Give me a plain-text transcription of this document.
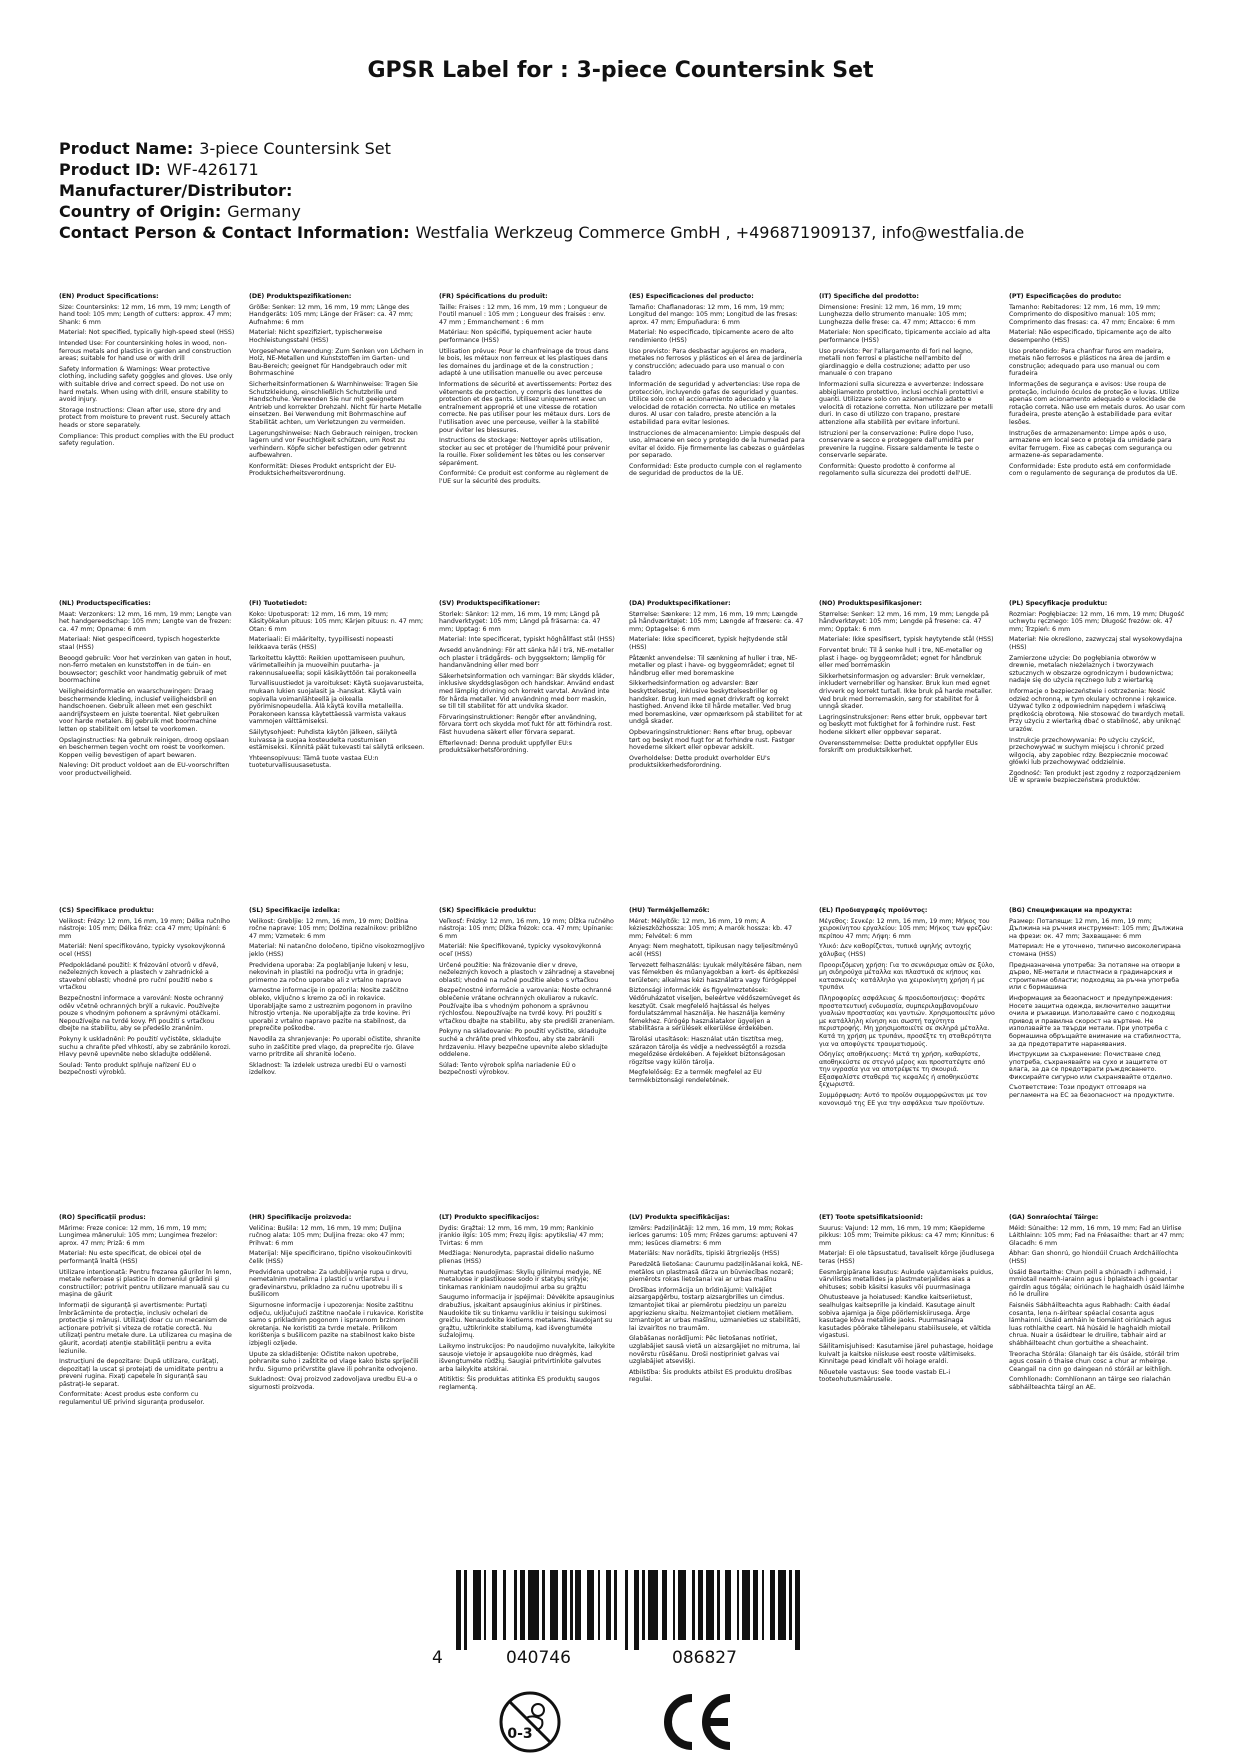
GPSR Label for : 3-piece Countersink Set
Product Name: 3-piece Countersink Set
Product ID: WF-426171
Manufacturer/Distributor:
Country of Origin: Germany
Contact Person & Contact Information: Westfalia Werkzeug Commerce GmbH , +496871909137, info@westfalia.de
(EN) Product Specifications:
Size: Countersinks: 12 mm, 16 mm, 19 mm; Length of hand tool: 105 mm; Length of cutters: approx. 47 mm; Shank: 6 mm
Material: Not specified, typically high-speed steel (HSS)
Intended Use: For countersinking holes in wood, non-ferrous metals and plastics in garden and construction areas; suitable for hand use or with drill
Safety Information & Warnings: Wear protective clothing, including safety goggles and gloves. Use only with suitable drive and correct speed. Do not use on hard metals. When using with drill, ensure stability to avoid injury.
Storage Instructions: Clean after use, store dry and protect from moisture to prevent rust. Securely attach heads or store separately.
Compliance: This product complies with the EU product safety regulation.
(DE) Produktspezifikationen:
Größe: Senker: 12 mm, 16 mm, 19 mm; Länge des Handgeräts: 105 mm; Länge der Fräser: ca. 47 mm; Aufnahme: 6 mm
Material: Nicht spezifiziert, typischerweise Hochleistungsstahl (HSS)
Vorgesehene Verwendung: Zum Senken von Löchern in Holz, NE-Metallen und Kunststoffen im Garten- und Bau-Bereich; geeignet für Handgebrauch oder mit Bohrmaschine
Sicherheitsinformationen & Warnhinweise: Tragen Sie Schutzkleidung, einschließlich Schutzbrille und Handschuhe. Verwenden Sie nur mit geeignetem Antrieb und korrekter Drehzahl. Nicht für harte Metalle einsetzen. Bei Verwendung mit Bohrmaschine auf Stabilität achten, um Verletzungen zu vermeiden.
Lagerungshinweise: Nach Gebrauch reinigen, trocken lagern und vor Feuchtigkeit schützen, um Rost zu verhindern. Köpfe sicher befestigen oder getrennt aufbewahren.
Konformität: Dieses Produkt entspricht der EU-Produktsicherheitsverordnung.
(FR) Spécifications du produit:
Taille: Fraises : 12 mm, 16 mm, 19 mm ; Longueur de l'outil manuel : 105 mm ; Longueur des fraises : env. 47 mm ; Emmanchement : 6 mm
Matériau: Non spécifié, typiquement acier haute performance (HSS)
Utilisation prévue: Pour le chanfreinage de trous dans le bois, les métaux non ferreux et les plastiques dans les domaines du jardinage et de la construction ; adapté à une utilisation manuelle ou avec perceuse
Informations de sécurité et avertissements: Portez des vêtements de protection, y compris des lunettes de protection et des gants. Utilisez uniquement avec un entraînement approprié et une vitesse de rotation correcte. Ne pas utiliser pour les métaux durs. Lors de l'utilisation avec une perceuse, veiller à la stabilité pour éviter les blessures.
Instructions de stockage: Nettoyer après utilisation, stocker au sec et protéger de l'humidité pour prévenir la rouille. Fixer solidement les têtes ou les conserver séparément.
Conformité: Ce produit est conforme au règlement de l'UE sur la sécurité des produits.
(ES) Especificaciones del producto:
Tamaño: Chaflanadoras: 12 mm, 16 mm, 19 mm; Longitud del mango: 105 mm; Longitud de las fresas: aprox. 47 mm; Empuñadura: 6 mm
Material: No especificado, típicamente acero de alto rendimiento (HSS)
Uso previsto: Para desbastar agujeros en madera, metales no ferrosos y plásticos en el área de jardinería y construcción; adecuado para uso manual o con taladro
Información de seguridad y advertencias: Use ropa de protección, incluyendo gafas de seguridad y guantes. Utilice solo con el accionamiento adecuado y la velocidad de rotación correcta. No utilice en metales duros. Al usar con taladro, preste atención a la estabilidad para evitar lesiones.
Instrucciones de almacenamiento: Limpie después del uso, almacene en seco y protegido de la humedad para evitar el óxido. Fije firmemente las cabezas o guárdelas por separado.
Conformidad: Este producto cumple con el reglamento de seguridad de productos de la UE.
(IT) Specifiche del prodotto:
Dimensione: Fresini: 12 mm, 16 mm, 19 mm; Lunghezza dello strumento manuale: 105 mm; Lunghezza delle frese: ca. 47 mm; Attacco: 6 mm
Materiale: Non specificato, tipicamente acciaio ad alta performance (HSS)
Uso previsto: Per l'allargamento di fori nel legno, metalli non ferrosi e plastiche nell'ambito del giardinaggio e della costruzione; adatto per uso manuale o con trapano
Informazioni sulla sicurezza e avvertenze: Indossare abbigliamento protettivo, inclusi occhiali protettivi e guanti. Utilizzare solo con azionamento adatto e velocità di rotazione corretta. Non utilizzare per metalli duri. In caso di utilizzo con trapano, prestare attenzione alla stabilità per evitare infortuni.
Istruzioni per la conservazione: Pulire dopo l'uso, conservare a secco e proteggere dall'umidità per prevenire la ruggine. Fissare saldamente le teste o conservarle separate.
Conformità: Questo prodotto è conforme al regolamento sulla sicurezza dei prodotti dell'UE.
(PT) Especificações do produto:
Tamanho: Rebitadores: 12 mm, 16 mm, 19 mm; Comprimento do dispositivo manual: 105 mm; Comprimento das fresas: ca. 47 mm; Encaixe: 6 mm
Material: Não especificado, tipicamente aço de alto desempenho (HSS)
Uso pretendido: Para chanfrar furos em madeira, metais não ferrosos e plásticos na área de jardim e construção; adequado para uso manual ou com furadeira
Informações de segurança e avisos: Use roupa de proteção, incluindo óculos de proteção e luvas. Utilize apenas com acionamento adequado e velocidade de rotação correta. Não use em metais duros. Ao usar com furadeira, preste atenção à estabilidade para evitar lesões.
Instruções de armazenamento: Limpe após o uso, armazene em local seco e proteja da umidade para evitar ferrugem. Fixe as cabeças com segurança ou armazene-as separadamente.
Conformidade: Este produto está em conformidade com o regulamento de segurança de produtos da UE.
(NL) Productspecificaties:
Maat: Verzonkers: 12 mm, 16 mm, 19 mm; Lengte van het handgereedschap: 105 mm; Lengte van de frezen: ca. 47 mm; Opname: 6 mm
Materiaal: Niet gespecificeerd, typisch hogesterkte staal (HSS)
Beoogd gebruik: Voor het verzinken van gaten in hout, non-ferro metalen en kunststoffen in de tuin- en bouwsector; geschikt voor handmatig gebruik of met boormachine
Veiligheidsinformatie en waarschuwingen: Draag beschermende kleding, inclusief veiligheidsbril en handschoenen. Gebruik alleen met een geschikt aandrijfsysteem en juiste toerental. Niet gebruiken voor harde metalen. Bij gebruik met boormachine letten op stabiliteit om letsel te voorkomen.
Opslaginstructies: Na gebruik reinigen, droog opslaan en beschermen tegen vocht om roest te voorkomen. Koppen veilig bevestigen of apart bewaren.
Naleving: Dit product voldoet aan de EU-voorschriften voor productveiligheid.
(FI) Tuotetiedot:
Koko: Upotusporat: 12 mm, 16 mm, 19 mm; Käsityökalun pituus: 105 mm; Kärjen pituus: n. 47 mm; Otan: 6 mm
Materiaali: Ei määritelty, tyypillisesti nopeasti leikkaava teräs (HSS)
Tarkoitettu käyttö: Reikien upottamiseen puuhun, värimetalleihin ja muoveihin puutarha- ja rakennusalueella; sopii käsikäyttöön tai porakoneella
Turvallisuustiedot ja varoitukset: Käytä suojavarusteita, mukaan lukien suojalasit ja -hanskat. Käytä vain sopivalla voimanlähteellä ja oikealla pyörimisnopeudella. Älä käytä kovilla metalleilla. Porakoneen kanssa käytettäessä varmista vakaus vammojen välttämiseksi.
Säilytysohjeet: Puhdista käytön jälkeen, säilytä kuivassa ja suojaa kosteudelta ruostumisen estämiseksi. Kiinnitä päät tukevasti tai säilytä erikseen.
Yhteensopivuus: Tämä tuote vastaa EU:n tuoteturvallisuusasetusta.
(SV) Produktspecifikationer:
Storlek: Sänkor: 12 mm, 16 mm, 19 mm; Längd på handverktyget: 105 mm; Längd på fräsarna: ca. 47 mm; Upptag: 6 mm
Material: Inte specificerat, typiskt höghållfast stål (HSS)
Avsedd användning: För att sänka hål i trä, NE-metaller och plaster i trädgårds- och byggsektorn; lämplig för handanvändning eller med borr
Säkerhetsinformation och varningar: Bär skydds kläder, inklusive skyddsglasögon och handskar. Använd endast med lämplig drivning och korrekt varvtal. Använd inte för hårda metaller. Vid användning med borr maskin, se till till stabilitet för att undvika skador.
Förvaringsinstruktioner: Rengör efter användning, förvara torrt och skydda mot fukt för att förhindra rost. Fäst huvudena säkert eller förvara separat.
Efterlevnad: Denna produkt uppfyller EU:s produktsäkerhetsförordning.
(DA) Produktspecifikationer:
Størrelse: Sænkere: 12 mm, 16 mm, 19 mm; Længde på håndværktøjet: 105 mm; Længde af fræsere: ca. 47 mm; Optagelse: 6 mm
Materiale: Ikke specificeret, typisk højtydende stål (HSS)
Påtænkt anvendelse: Til sænkning af huller i træ, NE-metaller og plast i have- og byggeområdet; egnet til håndbrug eller med boremaskine
Sikkerhedsinformation og advarsler: Bær beskyttelsestøj, inklusive beskyttelsesbriller og handsker. Brug kun med egnet drivkraft og korrekt hastighed. Anvend ikke til hårde metaller. Ved brug med boremaskine, vær opmærksom på stabilitet for at undgå skader.
Opbevaringsinstruktioner: Rens efter brug, opbevar tørt og beskyt mod fugt for at forhindre rust. Fastgør hovederne sikkert eller opbevar adskilt.
Overholdelse: Dette produkt overholder EU's produktsikkerhedsforordning.
(NO) Produktspesifikasjoner:
Størrelse: Senker: 12 mm, 16 mm, 19 mm; Lengde på håndverktøyet: 105 mm; Lengde på fresene: ca. 47 mm; Opptak: 6 mm
Materiale: Ikke spesifisert, typisk høytytende stål (HSS)
Forventet bruk: Til å senke hull i tre, NE-metaller og plast i hage- og byggeområdet; egnet for håndbruk eller med borremaskin
Sikkerhetsinformasjon og advarsler: Bruk verneklær, inkludert vernebriller og hansker. Bruk kun med egnet drivverk og korrekt turtall. Ikke bruk på harde metaller. Ved bruk med borremaskin, sørg for stabilitet for å unngå skader.
Lagringsinstruksjoner: Rens etter bruk, oppbevar tørt og beskytt mot fuktighet for å forhindre rust. Fest hodene sikkert eller oppbevar separat.
Overensstemmelse: Dette produktet oppfyller EUs forskrift om produktsikkerhet.
(PL) Specyfikacje produktu:
Rozmiar: Pogłębiacze: 12 mm, 16 mm, 19 mm; Długość uchwytu ręcznego: 105 mm; Długość frezów: ok. 47 mm; Trzpień: 6 mm
Materiał: Nie określono, zazwyczaj stal wysokowydajna (HSS)
Zamierzone użycie: Do pogłębiania otworów w drewnie, metalach nieżelaznych i tworzywach sztucznych w obszarze ogrodniczym i budownictwa; nadaje się do użycia ręcznego lub z wiertarką
Informacje o bezpieczeństwie i ostrzeżenia: Nosić odzież ochronną, w tym okulary ochronne i rękawice. Używać tylko z odpowiednim napędem i właściwą prędkością obrotową. Nie stosować do twardych metali. Przy użyciu z wiertarką dbać o stabilność, aby uniknąć urazów.
Instrukcje przechowywania: Po użyciu czyścić, przechowywać w suchym miejscu i chronić przed wilgocią, aby zapobiec rdzy. Bezpiecznie mocować główki lub przechowywać oddzielnie.
Zgodność: Ten produkt jest zgodny z rozporządzeniem UE w sprawie bezpieczeństwa produktów.
(CS) Specifikace produktu:
Velikost: Frézy: 12 mm, 16 mm, 19 mm; Délka ručního nástroje: 105 mm; Délka fréz: cca 47 mm; Upínání: 6 mm
Materiál: Není specifikováno, typicky vysokovýkonná ocel (HSS)
Předpokládané použití: K frézování otvorů v dřevě, neželezných kovech a plastech v zahradnické a stavební oblasti; vhodné pro ruční použití nebo s vrtačkou
Bezpečnostní informace a varování: Noste ochranný oděv včetně ochranných brýlí a rukavic. Používejte pouze s vhodným pohonem a správnými otáčkami. Nepoužívejte na tvrdé kovy. Při použití s vrtačkou dbejte na stabilitu, aby se předešlo zraněním.
Pokyny k uskladnění: Po použití vyčistěte, skladujte suchu a chraňte před vlhkostí, aby se zabránilo korozi. Hlavy pevně upevněte nebo skladujte odděleně.
Soulad: Tento produkt splňuje nařízení EU o bezpečnosti výrobků.
(SL) Specifikacije izdelka:
Velikost: Grebljie: 12 mm, 16 mm, 19 mm; Dolžina ročne naprave: 105 mm; Dolžina rezalnikov: približno 47 mm; Vzmetek: 6 mm
Material: Ni natančno določeno, tipično visokozmogljivo jeklo (HSS)
Predvidena uporaba: Za poglabljanje lukenj v lesu, nekovinah in plastiki na področju vrta in gradnje; primerno za ročno uporabo ali z vrtalno napravo
Varnostne informacije in opozorila: Nosite zaščitno obleko, vključno s kremo za oči in rokavice. Uporabljajte samo z ustreznim pogonom in pravilno hitrostjo vrtenja. Ne uporabljajte za trde kovine. Pri uporabi z vrtalno napravo pazite na stabilnost, da preprečite poškodbe.
Navodila za shranjevanje: Po uporabi očistite, shranite suho in zaščitite pred vlago, da preprečite rjo. Glave varno pritrdite ali shranite ločeno.
Skladnost: Ta izdelek ustreza uredbi EU o varnosti izdelkov.
(SK) Špecifikácie produktu:
Veľkosť: Frézky: 12 mm, 16 mm, 19 mm; Dĺžka ručného nástroja: 105 mm; Dĺžka frézok: cca. 47 mm; Upínanie: 6 mm
Materiál: Nie špecifikované, typicky vysokovýkonná oceľ (HSS)
Určené použitie: Na frézovanie dier v dreve, neželezných kovoch a plastoch v záhradnej a stavebnej oblasti; vhodné na ručné použitie alebo s vŕtačkou
Bezpečnostné informácie a varovania: Noste ochranné oblečenie vrátane ochranných okuliarov a rukavíc. Používajte iba s vhodným pohonom a správnou rýchlosťou. Nepoužívajte na tvrdé kovy. Pri použití s vŕtačkou dbajte na stabilitu, aby ste predišli zraneniam.
Pokyny na skladovanie: Po použití vyčistite, skladujte suché a chráňte pred vlhkosťou, aby ste zabránili hrdzaveniu. Hlavy bezpečne upevnite alebo skladujte oddelene.
Súlad: Tento výrobok spĺňa nariadenie EÚ o bezpečnosti výrobkov.
(HU) Termékjellemzők:
Méret: Mélyítők: 12 mm, 16 mm, 19 mm; A kézieszközhossza: 105 mm; A marók hossza: kb. 47 mm; Felvétel: 6 mm
Anyag: Nem meghatott, tipikusan nagy teljesítményű acél (HSS)
Tervezett felhasználás: Lyukak mélyítésére fában, nem vas fémekben és műanyagokban a kert- és építkezési területen; alkalmas kézi használatra vagy fúrógéppel
Biztonsági információk és figyelmeztetések: Védőruházatot viseljen, beleértve védőszemüveget és kesztyűt. Csak megfelelő hajtással és helyes fordulatszámmal használja. Ne használja kemény fémekhez. Fúrógép használatakor ügyeljen a stabilitásra a sérülések elkerülése érdekében.
Tárolási utasítások: Használat után tisztítsa meg, szárazon tárolja és védje a nedvességtől a rozsda megelőzése érdekében. A fejekket biztonságosan rögzítse vagy külön tárolja.
Megfelelőség: Ez a termék megfelel az EU termékbiztonsági rendeletének.
(EL) Προδιαγραφές προϊόντος:
Μέγεθος: Σενκέρ: 12 mm, 16 mm, 19 mm; Μήκος του χειροκίνητου εργαλείου: 105 mm; Μήκος των φρεζών: περίπου 47 mm; Λήψη: 6 mm
Υλικό: Δεν καθορίζεται, τυπικά υψηλής αντοχής χάλυβας (HSS)
Προοριζόμενη χρήση: Για το σενκάρισμα οπών σε ξύλο, μη σιδηρούχα μέταλλα και πλαστικά σε κήπους και κατασκευές· κατάλληλο για χειροκίνητη χρήση ή με τρυπάνι
Πληροφορίες ασφάλειας & προειδοποιήσεις: Φοράτε προστατευτική ενδυμασία, συμπεριλαμβανομένων γυαλιών προστασίας και γαντιών. Χρησιμοποιείτε μόνο με κατάλληλη κίνηση και σωστή ταχύτητα περιστροφής. Μη χρησιμοποιείτε σε σκληρά μέταλλα. Κατά τη χρήση με τρυπάνι, προσέξτε τη σταθερότητα για να αποφύγετε τραυματισμούς.
Οδηγίες αποθήκευσης: Μετά τη χρήση, καθαρίστε, αποθηκεύστε σε στεγνό μέρος και προστατέψτε από την υγρασία για να αποτρέψετε τη σκουριά. Εξασφαλίστε σταθερά τις κεφαλές ή αποθηκεύστε ξεχωριστά.
Συμμόρφωση: Αυτό το προϊόν συμμορφώνεται με τον κανονισμό της ΕΕ για την ασφάλεια των προϊόντων.
(BG) Спецификации на продукта:
Размер: Потапящи: 12 mm, 16 mm, 19 mm; Дължина на ръчния инструмент: 105 mm; Дължина на фрези: ок. 47 mm; Захващане: 6 mm
Материал: Не е уточнено, типично високолегирана стомана (HSS)
Предназначена употреба: За потапяне на отвори в дърво, NE-метали и пластмаси в градинарския и строителни области; подходящ за ръчна употреба или с бормашина
Информация за безопасност и предупреждения: Носете защитна одежда, включително защитни очила и ръкавици. Използвайте само с подходящ привод и правилна скорост на въртене. Не използвайте за твърди метали. При употреба с бормашина обръщайте внимание на стабилността, за да предотвратите наранявания.
Инструкции за съхранение: Почистване след употреба, съхранявайте на сухо и защитете от влага, за да се предотврати ръждясването. Фиксирайте сигурно или съхранявайте отделно.
Съответствие: Този продукт отговаря на регламента на ЕС за безопасност на продуктите.
(RO) Specificații produs:
Mărime: Freze conice: 12 mm, 16 mm, 19 mm; Lungimea mânerului: 105 mm; Lungimea frezelor: aprox. 47 mm; Prizã: 6 mm
Material: Nu este specificat, de obicei oțel de performanță înaltă (HSS)
Utilizare intenționată: Pentru frezarea găurilor în lemn, metale neferoase și plastice în domeniul grădinii și constructiilor; potrivit pentru utilizare manuală sau cu mașina de găurit
Informații de siguranță și avertismente: Purtați îmbrăcăminte de protecție, inclusiv ochelari de protecție și mănuși. Utilizați doar cu un mecanism de acționare potrivit și viteza de rotație corectă. Nu utilizați pentru metale dure. La utilizarea cu mașina de găurit, acordați atenție stabilității pentru a evita leziunile.
Instrucțiuni de depozitare: După utilizare, curățați, depozitați la uscat și protejați de umiditate pentru a preveni rugina. Fixați capetele în siguranță sau păstrați-le separat.
Conformitate: Acest produs este conform cu regulamentul UE privind siguranța produselor.
(HR) Specifikacije proizvoda:
Veličina: Bušila: 12 mm, 16 mm, 19 mm; Duljina ručnog alata: 105 mm; Duljina freza: oko 47 mm; Prihvat: 6 mm
Materijal: Nije specificirano, tipično visokoučinkoviti čelik (HSS)
Predviđena upotreba: Za udubljivanje rupa u drvu, nemetalnim metalima i plastici u vrtlarstvu i građevinarstvu, prikladno za ručnu upotrebu ili s bušilicom
Sigurnosne informacije i upozorenja: Nosite zaštitnu odjeću, uključujući zaštitne naočale i rukavice. Koristite samo s prikladnim pogonom i ispravnom brzinom okretanja. Ne koristiti za tvrde metale. Prilikom korištenja s bušilicom pazite na stabilnost kako biste izbjegli ozljede.
Upute za skladištenje: Očistite nakon upotrebe, pohranite suho i zaštitite od vlage kako biste spriječili hrđu. Sigurno pričvrstite glave ili pohranite odvojeno.
Sukladnost: Ovaj proizvod zadovoljava uredbu EU-a o sigurnosti proizvoda.
(LT) Produkto specifikacijos:
Dydis: Grąžtai: 12 mm, 16 mm, 19 mm; Rankinio įrankio ilgis: 105 mm; Frezų ilgis: apytikslia/ 47 mm; Tvirtas: 6 mm
Medžiaga: Nenurodyta, paprastai didelio našumo plienas (HSS)
Numatytas naudojimas: Skylių gilinimui medyje, NE metaluose ir plastikuose sodo ir statybų srityje; tinkamas rankiniam naudojimui arba su grąžtu
Saugumo informacija ir įspėjimai: Dėvėkite apsauginius drabužius, įskaitant apsauginius akinius ir pirštines. Naudokite tik su tinkamu varikliu ir teisingu sukimosi greičiu. Nenaudokite kietiems metalams. Naudojant su grąžtu, užtikrinkite stabilumą, kad išvengtumėte sužalojimų.
Laikymo instrukcijos: Po naudojimo nuvalykite, laikykite sausoje vietoje ir apsaugokite nuo drėgmės, kad išvengtumėte rūdžių. Saugiai pritvirtinkite galvutes arba laikykite atskirai.
Atitiktis: Šis produktas atitinka ES produktų saugos reglamentą.
(LV) Produkta specifikācijas:
Izmērs: Padziļinātāji: 12 mm, 16 mm, 19 mm; Rokas ierīces garums: 105 mm; Frēzes garums: aptuveni 47 mm; Iesūces diametrs: 6 mm
Materiāls: Nav norādīts, tipiski ātrgriezējs (HSS)
Paredzētā lietošana: Caurumu padziļināšanai kokā, NE-metālos un plastmasā dārza un būvniecības nozarē; piemērots rokas lietošanai vai ar urbas mašīnu
Drošības informācija un brīdinājumi: Valkājiet aizsargapģērbu, tostarp aizsargbrilles un cimdus. Izmantojiet tikai ar piemērotu piedziņu un pareizu apgriezienu skaitu. Neizmantojiet cietiem metāliem. Izmantojot ar urbas mašīnu, uzmanieties uz stabilitāti, lai izvairītos no traumām.
Glabāšanas norādījumi: Pēc lietošanas notīriet, uzglabājiet sausā vietā un aizsargājiet no mitruma, lai novērstu rūsēšanu. Droši nostipriniet galvas vai uzglabājiet atsevišķi.
Atbilstība: Šis produkts atbilst ES produktu drošības regulai.
(ET) Toote spetsifikatsioonid:
Suurus: Vajund: 12 mm, 16 mm, 19 mm; Käepideme pikkus: 105 mm; Treimite pikkus: ca 47 mm; Kinnitus: 6 mm
Materjal: Ei ole täpsustatud, tavaliselt kõrge jõudlusega teras (HSS)
Eesmärgipärane kasutus: Aukude vajutamiseks puidus, värvilistes metallides ja plastmaterjalides aias a ehituses; sobib käsitsi kasuks või puurmasinaga
Ohutusteave ja hoiatused: Kandke kaitseriietust, sealhulgas kaitseprille ja kindaid. Kasutage ainult sobiva ajamiga ja õige pöörlemiskiirusega. Ärge kasutage kõva metallide jaoks. Puurmasinaga kasutades pöörake tähelepanu stabiilsusele, et vältida vigastusi.
Säilitamisjuhised: Kasutamise järel puhastage, hoidage kuivalt ja kaitske niiskuse eest roostе vältimiseks. Kinnitage pead kindlalt või hoiage eraldi.
Nõuetele vastavus: See toode vastab EL-i tooteohutusmäärusele.
(GA) Sonraíochtaí Táirge:
Méid: Súnaithe: 12 mm, 16 mm, 19 mm; Fad an Uirlise Láithlainn: 105 mm; Fad na Fréasaithe: thart ar 47 mm; Glacadh: 6 mm
Ábhar: Gan shonrú, go hiondúil Cruach Ardcháilíochta (HSS)
Úsáid Beartaithe: Chun poill a shúnadh i adhmaid, i mmiotail neamh-iarainn agus i bplaisteach i gceantar gairdín agus tógála; oiriúnach le haghaidh úsáid láimhe nó le druilire
Faisnéis Sábháilteachta agus Rabhadh: Caith éadaí cosanta, lena n-áirítear spéaclaí cosanta agus lámhainní. Úsáid amháin le tiomáint oiriúnach agus luas rothlaithe ceart. Ná húsáid le haghaidh miotail chrua. Nuair a úsáidtear le druilire, tabhair aird ar shábháilteacht chun gortuithe a sheachaint.
Treoracha Stórála: Glanaigh tar éis úsáide, stóráil trim agus cosain ó thaise chun cosc a chur ar mheirge. Ceangail na cinn go daingean nó stóráil ar leithligh.
Comhlíonadh: Comhlíonann an táirge seo rialachán sábháilteachta táirgí an AE.
4	040746	086827
0-3
